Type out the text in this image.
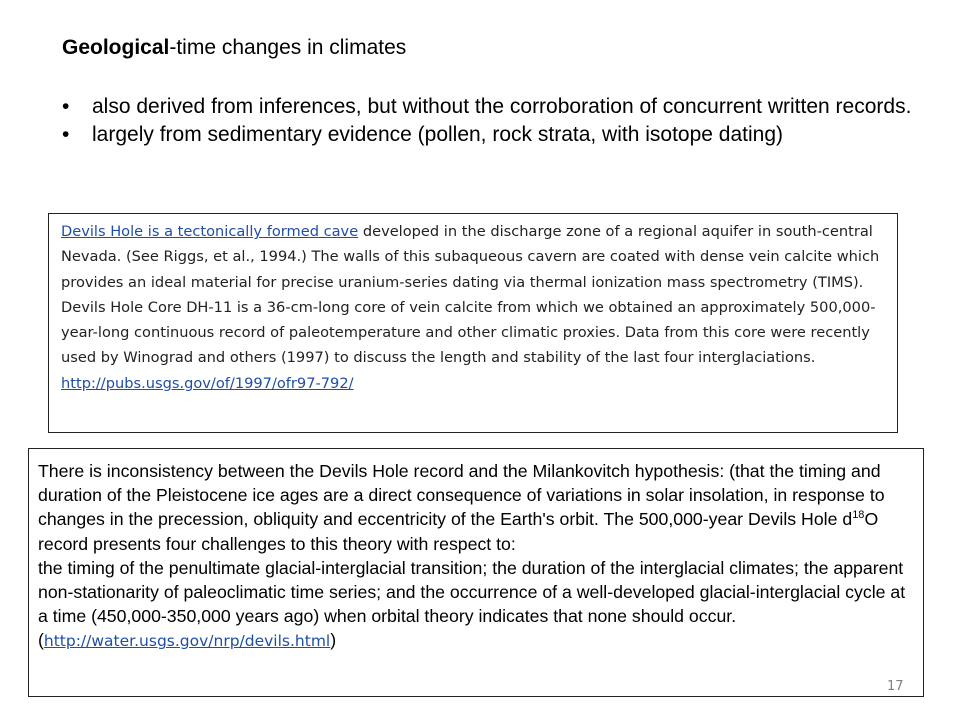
Geological-time changes in climates
• also derived from inferences, but without the corroboration of concurrent written records.
• largely from sedimentary evidence (pollen, rock strata, with isotope dating)
Devils Hole is a tectonically formed cave developed in the discharge zone of a regional aquifer in south-central Nevada. (See Riggs, et al., 1994.) The walls of this subaqueous cavern are coated with dense vein calcite which provides an ideal material for precise uranium-series dating via thermal ionization mass spectrometry (TIMS). Devils Hole Core DH-11 is a 36-cm-long core of vein calcite from which we obtained an approximately 500,000-year-long continuous record of paleotemperature and other climatic proxies. Data from this core were recently used by Winograd and others (1997) to discuss the length and stability of the last four interglaciations. http://pubs.usgs.gov/of/1997/ofr97-792/
There is inconsistency between the Devils Hole record and the Milankovitch hypothesis: (that the timing and duration of the Pleistocene ice ages are a direct consequence of variations in solar insolation, in response to changes in the precession, obliquity and eccentricity of the Earth's orbit. The 500,000-year Devils Hole $d^{18}O$ record presents four challenges to this theory with respect to:
the timing of the penultimate glacial-interglacial transition; the duration of the interglacial climates; the apparent non-stationarity of paleoclimatic time series; and the occurrence of a well-developed glacial-interglacial cycle at a time (450,000-350,000 years ago) when orbital theory indicates that none should occur. (http://water.usgs.gov/nrp/devils.html)
17
